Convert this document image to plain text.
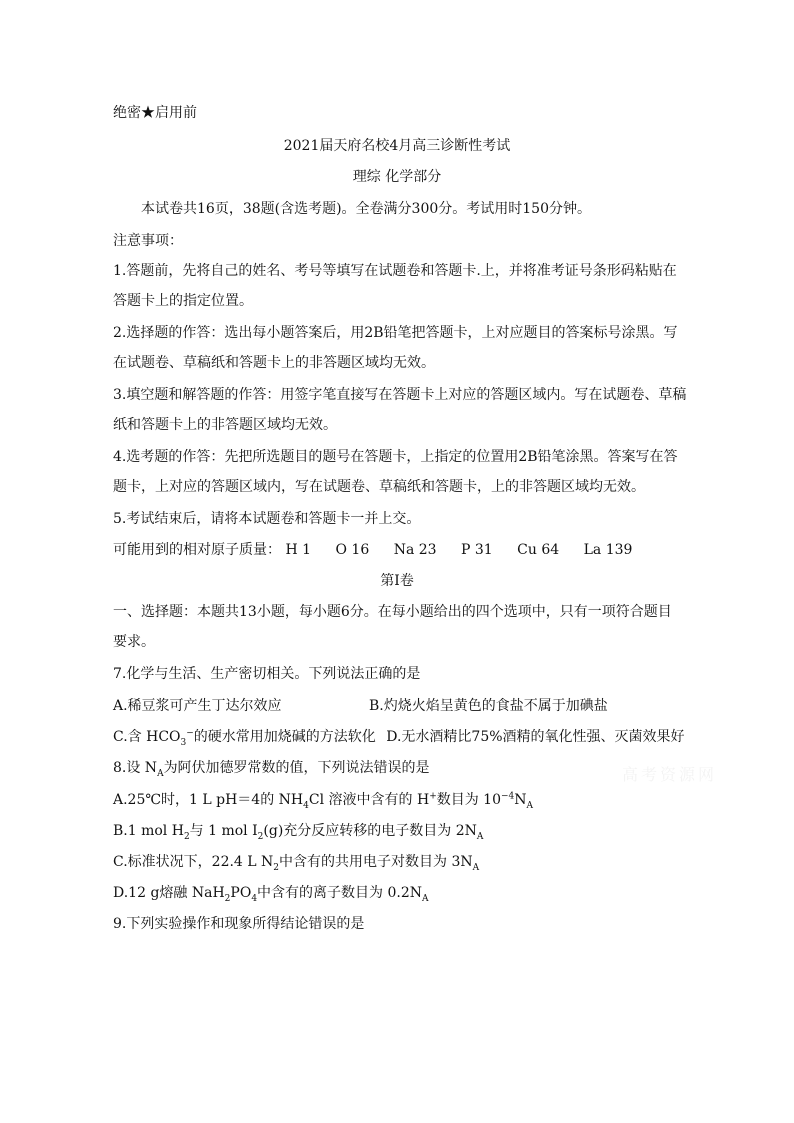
绝密★启用前
2021届天府名校4月高三诊断性考试
理综 化学部分
本试卷共16页，38题(含选考题)。全卷满分300分。考试用时150分钟。
注意事项：
1.答题前，先将自己的姓名、考号等填写在试题卷和答题卡.上，并将准考证号条形码粘贴在
答题卡上的指定位置。
2.选择题的作答：选出每小题答案后，用2B铅笔把答题卡，上对应题目的答案标号涂黑。写
在试题卷、草稿纸和答题卡上的非答题区域均无效。
3.填空题和解答题的作答：用签字笔直接写在答题卡上对应的答题区域内。写在试题卷、草稿
纸和答题卡上的非答题区域均无效。
4.选考题的作答：先把所选题目的题号在答题卡，上指定的位置用2B铅笔涂黑。答案写在答
题卡，上对应的答题区域内，写在试题卷、草稿纸和答题卡，上的非答题区域均无效。
5.考试结束后，请将本试题卷和答题卡一并上交。
可能用到的相对原子质量： H 1 O 16 Na 23 P 31 Cu 64 La 139
第I卷
一、选择题：本题共13小题，每小题6分。在每小题给出的四个选项中，只有一项符合题目
要求。
7.化学与生活、生产密切相关。下列说法正确的是
A.稀豆浆可产生丁达尔效应	B.灼烧火焰呈黄色的食盐不属于加碘盐
C.含 $HCO_3^-$的硬水常用加烧碱的方法软化 D.无水酒精比75%酒精的氧化性强、灭菌效果好
8.设 $N_A$为阿伏加德罗常数的值，下列说法错误的是
A.25℃时，1 L pH＝4的 $NH_4Cl$ 溶液中含有的 H+数目为 $10^{-4}N_A$
B.1 mol $H_2$与 1 mol $I_2(g)$充分反应转移的电子数目为 $2N_A$
C.标准状况下，22.4 L $N_2$中含有的共用电子对数目为 $3N_A$
D.12 g熔融 $NaH_2PO_4$中含有的离子数目为 $0.2N_A$
9.下列实验操作和现象所得结论错误的是
高考资源网
